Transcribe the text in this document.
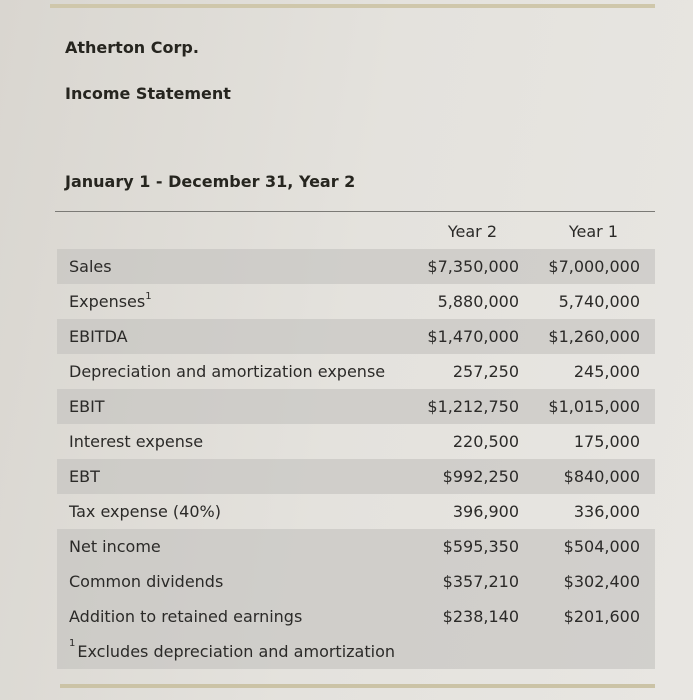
Atherton Corp.
Income Statement
January 1 - December 31, Year 2
Year 2	Year 1
Sales	$7,350,000 $7,000,000
Expenses$^1$	5,880,000 5,740,000
EBITDA	$1,470,000 $1,260,000
Depreciation and amortization expense	257,250	245,000
EBIT	$1,212,750 $1,015,000
Interest expense	220,500	175,000
EBT	$992,250	$840,000
Tax expense (40%)	396,900	336,000
Net income	$595,350	$504,000
Common dividends	$357,210	$302,400
Addition to retained earnings	$238,140	$201,600
$^1$ Excludes depreciation and amortization
